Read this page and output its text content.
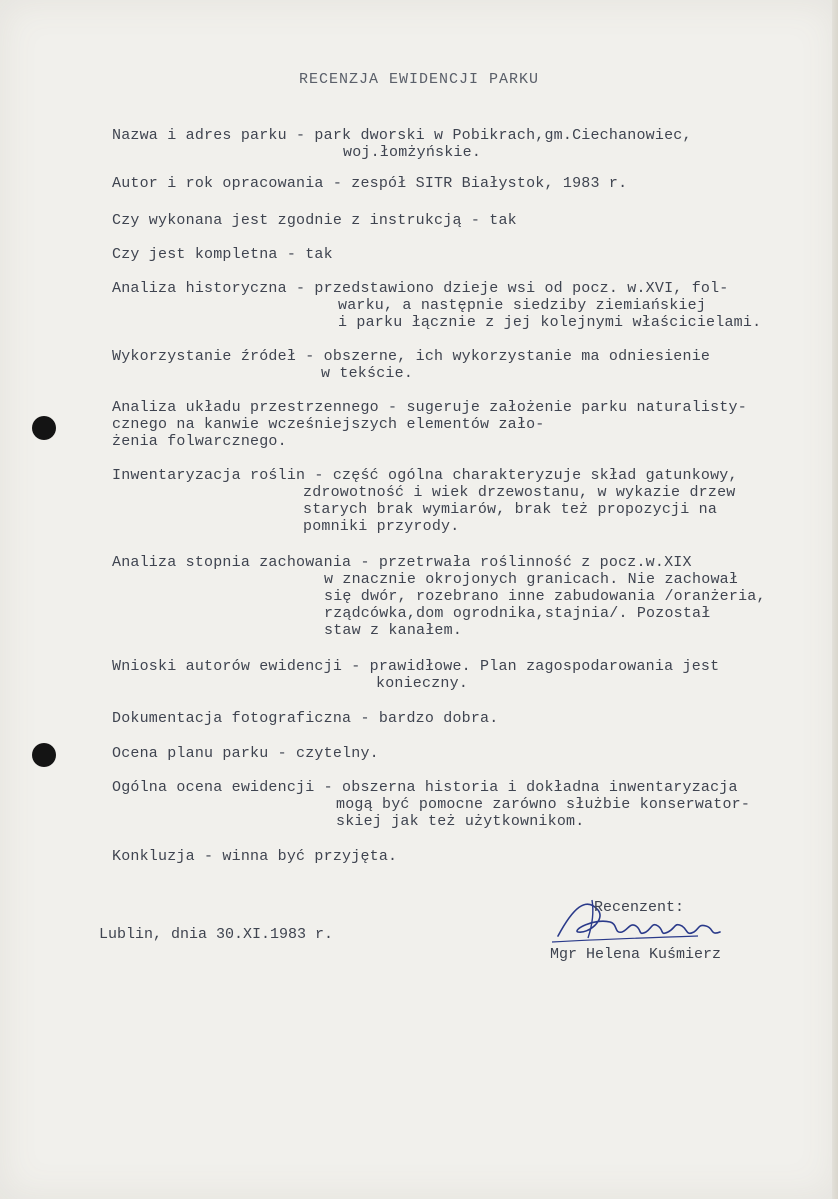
RECENZJA EWIDENCJI PARKU
Nazwa i adres parku - park dworski w Pobikrach,gm.Ciechanowiec,
woj.łomżyńskie.
Autor i rok opracowania - zespół SITR Białystok, 1983 r.
Czy wykonana jest zgodnie z instrukcją - tak
Czy jest kompletna - tak
Analiza historyczna - przedstawiono dzieje wsi od pocz. w.XVI, fol-
warku, a następnie siedziby ziemiańskiej
i parku łącznie z jej kolejnymi właścicielami.
Wykorzystanie źródeł - obszerne, ich wykorzystanie ma odniesienie
w tekście.
Analiza układu przestrzennego - sugeruje założenie parku naturalisty-
cznego na kanwie wcześniejszych elementów zało-
żenia folwarcznego.
Inwentaryzacja roślin - część ogólna charakteryzuje skład gatunkowy,
zdrowotność i wiek drzewostanu, w wykazie drzew
starych brak wymiarów, brak też propozycji na
pomniki przyrody.
Analiza stopnia zachowania - przetrwała roślinność z pocz.w.XIX
w znacznie okrojonych granicach. Nie zachował
się dwór, rozebrano inne zabudowania /oranżeria,
rządcówka,dom ogrodnika,stajnia/. Pozostał
staw z kanałem.
Wnioski autorów ewidencji - prawidłowe. Plan zagospodarowania jest
konieczny.
Dokumentacja fotograficzna - bardzo dobra.
Ocena planu parku - czytelny.
Ogólna ocena ewidencji - obszerna historia i dokładna inwentaryzacja
mogą być pomocne zarówno służbie konserwator-
skiej jak też użytkownikom.
Konkluzja - winna być przyjęta.
Recenzent:
Lublin, dnia 30.XI.1983 r.
Mgr Helena Kuśmierz
